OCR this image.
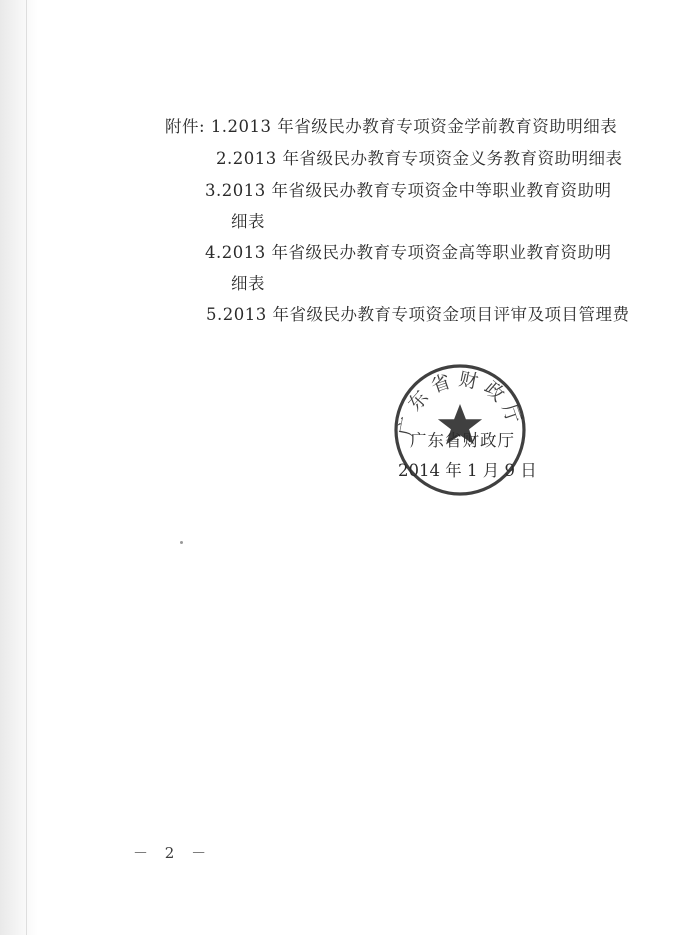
附件: 1.2013 年省级民办教育专项资金学前教育资助明细表
2.2013 年省级民办教育专项资金义务教育资助明细表
3.2013 年省级民办教育专项资金中等职业教育资助明
细表
4.2013 年省级民办教育专项资金高等职业教育资助明
细表
5.2013 年省级民办教育专项资金项目评审及项目管理费
广东省财政厅
广东省财政厅
2014 年 1 月 9 日
－ 2 －
